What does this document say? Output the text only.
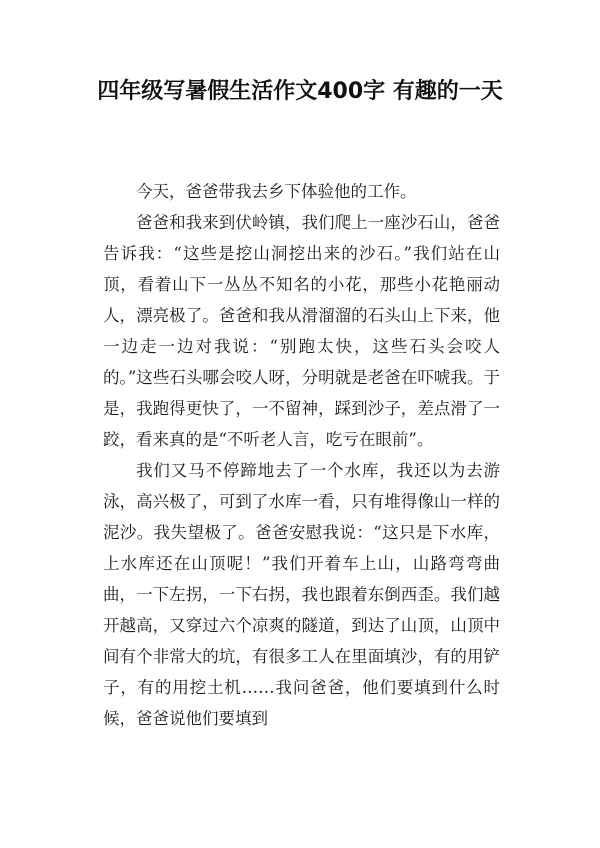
四年级写暑假生活作文400字 有趣的一天

今天，爸爸带我去乡下体验他的工作。

爸爸和我来到伏岭镇，我们爬上一座沙石山，爸爸告诉我：“这些是挖山洞挖出来的沙石。”我们站在山顶，看着山下一丛丛不知名的小花，那些小花艳丽动人，漂亮极了。爸爸和我从滑溜溜的石头山上下来，他一边走一边对我说：“别跑太快，这些石头会咬人的。”这些石头哪会咬人呀，分明就是老爸在吓唬我。于是，我跑得更快了，一不留神，踩到沙子，差点滑了一跤，看来真的是“不听老人言，吃亏在眼前”。

我们又马不停蹄地去了一个水库，我还以为去游泳，高兴极了，可到了水库一看，只有堆得像山一样的泥沙。我失望极了。爸爸安慰我说：“这只是下水库，上水库还在山顶呢！”我们开着车上山，山路弯弯曲曲，一下左拐，一下右拐，我也跟着东倒西歪。我们越开越高，又穿过六个凉爽的隧道，到达了山顶，山顶中间有个非常大的坑，有很多工人在里面填沙，有的用铲子，有的用挖土机……我问爸爸，他们要填到什么时候，爸爸说他们要填到
